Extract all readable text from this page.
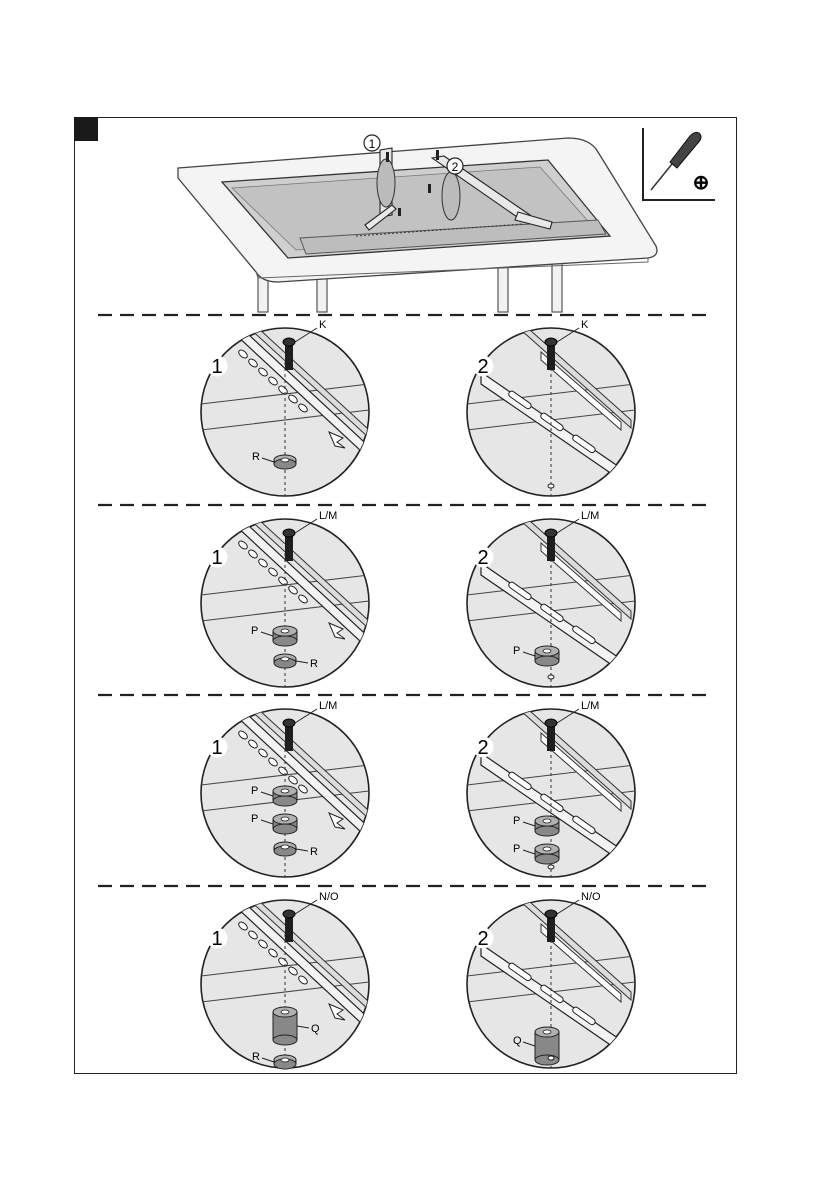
1
2
⊕
K
R
1
K
2
L/M
P
R
1
L/M
P
2
L/M
P
P
R
1
L/M
P
P
2
N/O
Q
R
1
N/O
Q
2
